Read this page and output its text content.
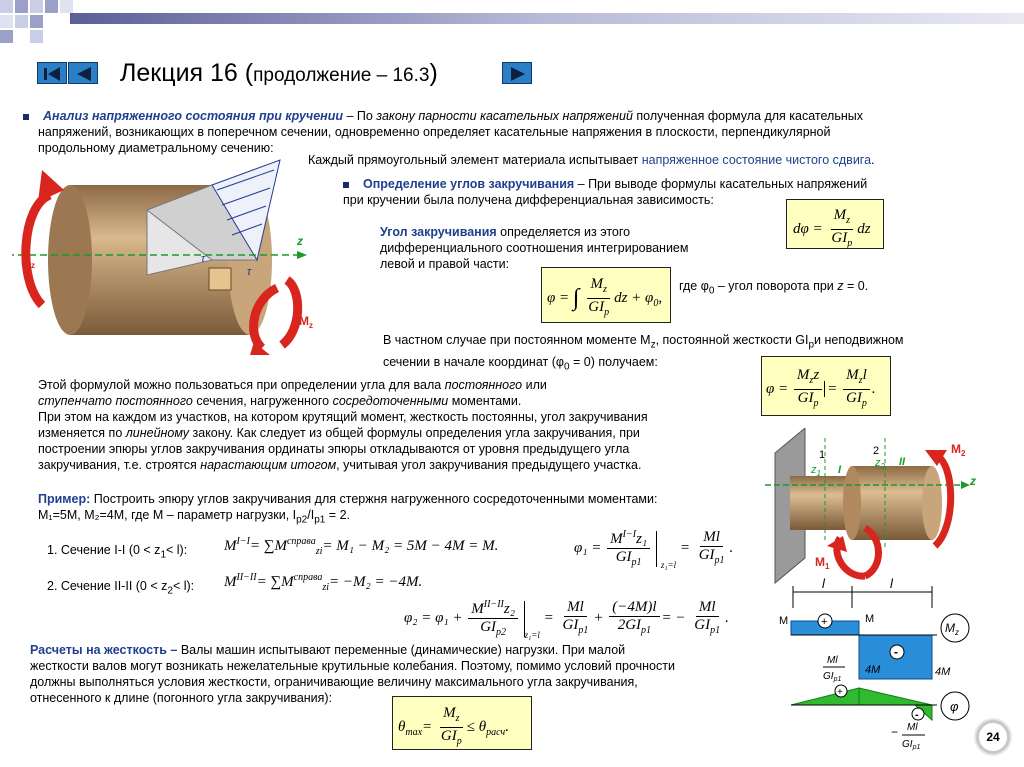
Лекция 16 (продолжение – 16.3)
Анализ напряженного состояния при кручении – По закону парности касательных напряжений полученная формула для касательных
напряжений, возникающих в поперечном сечении, одновременно определяет касательные напряжения в плоскости, перпендикулярной
продольному диаметральному сечению:
Каждый прямоугольный элемент материала испытывает напряженное состояние чистого сдвига.
z
$M_z$
$M_z$
τ
τ
Определение углов закручивания – При выводе формулы касательных напряжений
при кручении была получена дифференциальная зависимость:
$d\varphi = \frac{M_z}{GI_p}$ dz
Угол закручивания определяется из этого
дифференциального соотношения интегрированием
левой и правой части:
φ = ∫ $\frac{M_z}{GI_p}$ dz + $\varphi_0$,
где $\varphi_0$ – угол поворота при z = 0.
В частном случае при постоянном моменте $M_z$, постоянной жесткости $GI_pи$ неподвижном
сечении в начале координат $(\varphi_0 = 0)$ получаем:
$\varphi = \frac{M_zz}{GI_p} = \frac{M_zl}{GI_p}$ .
Этой формулой можно пользоваться при определении угла для вала постоянного или
ступенчато постоянного сечения, нагруженного сосредоточенными моментами.
При этом на каждом из участков, на котором крутящий момент, жесткость постоянны, угол закручивания
изменяется по линейному закону. Как следует из общей формулы определения угла закручивания, при
построении эпюры углов закручивания ординаты эпюры откладываются от уровня предыдущего угла
закручивания, т.е. строятся нарастающим итогом, учитывая угол закручивания предыдущего участка.
Пример: Построить эпюру углов закручивания для стержня нагруженного сосредоточенными моментами:
M₁=5M, M₂=4M, где M – параметр нагрузки, $I_{p2}/I_{p1} = 2$.
1. Сечение I-I $(0 < z_1< l)$: $M^{I-I}= \sum M^{справа}_{zi}= M_1 - M_2 = 5M - 4M = M$.	$\varphi_1 = \frac{M^{I-I}z_1}{GI_{p1}} _{z_1=l} = \frac{Ml}{GI_{p1}}$ .
2. Сечение II-II $(0 < z_2< l)$: $M^{II-II}= \sum M^{справа}_{zi}= -M_2 = -4M$.
$\varphi_2 = \varphi_1 + \frac{M^{II-II}z_2}{GI_{p2}} _{z_1=l} = \frac{Ml}{GI_{p1}} + \frac{(-4M)l}{2GI_{p1}}$ = − $\frac{Ml}{GI_{p1}}$ .
Расчеты на жесткость – Валы машин испытывают переменные (динамические) нагрузки. При малой
жесткости валов могут возникать нежелательные крутильные колебания. Поэтому, помимо условий прочности
должны выполняться условия жесткости, ограничивающие величину максимального угла закручивания,
отнесенного к длине (погонного угла закручивания):
$\theta_{max}= \frac{M_z}{GI_p} \le \theta_{расч}$.
z
1	2
$z_1$
$z_2$
I
II
$M_2$
$M_1$
l	l
M	M
+
-
4M	4M
$M_z$
+
-
φ
Ml
$GI_{p1}$
− Ml
$GI_{p1}$
24
